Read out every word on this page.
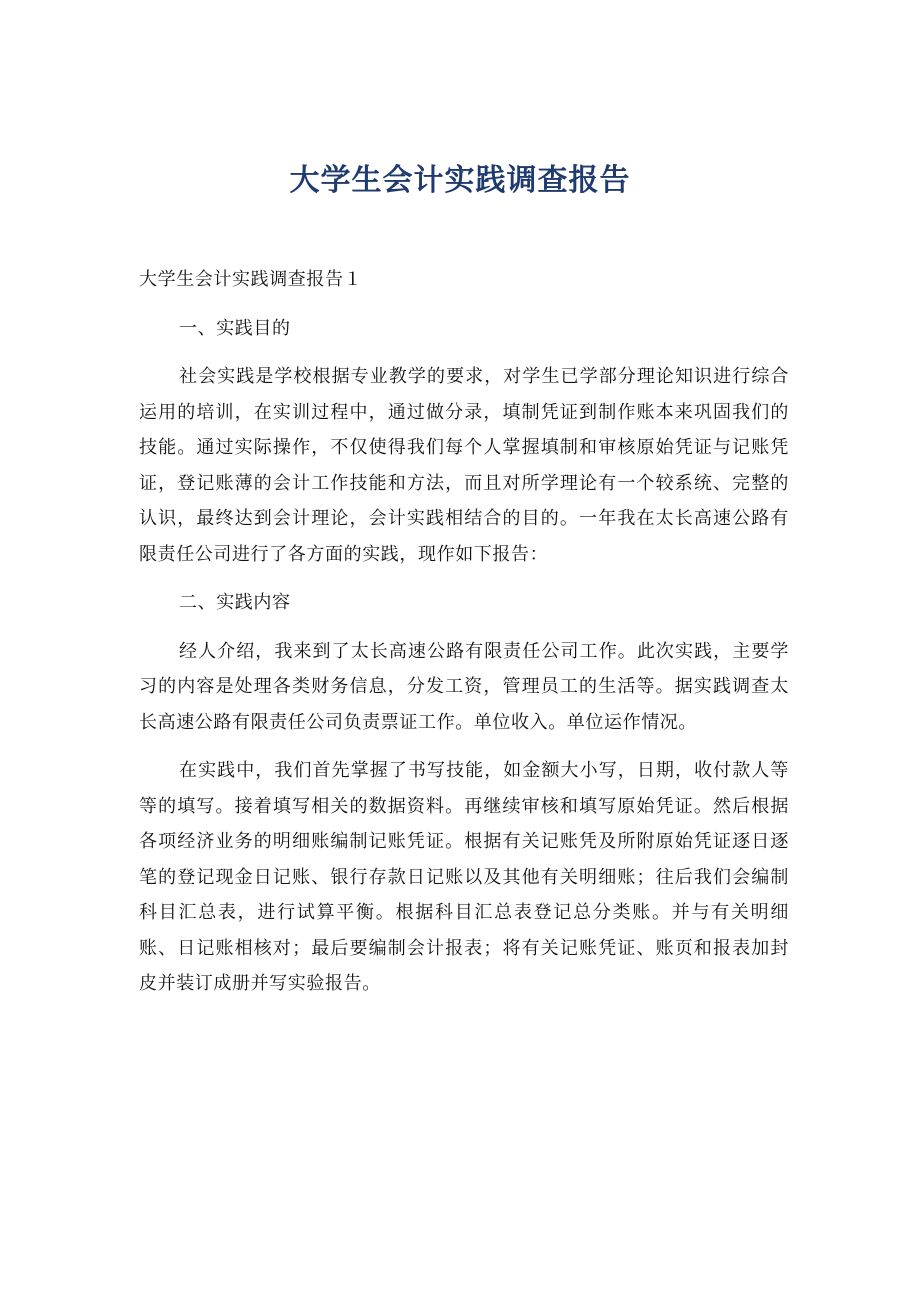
大学生会计实践调查报告

大学生会计实践调查报告１

一、实践目的

社会实践是学校根据专业教学的要求，对学生已学部分理论知识进行综合运用的培训，在实训过程中，通过做分录，填制凭证到制作账本来巩固我们的技能。通过实际操作，不仅使得我们每个人掌握填制和审核原始凭证与记账凭证，登记账薄的会计工作技能和方法，而且对所学理论有一个较系统、完整的认识，最终达到会计理论，会计实践相结合的目的。一年我在太长高速公路有限责任公司进行了各方面的实践，现作如下报告：

二、实践内容

经人介绍，我来到了太长高速公路有限责任公司工作。此次实践，主要学习的内容是处理各类财务信息，分发工资，管理员工的生活等。据实践调查太长高速公路有限责任公司负责票证工作。单位收入。单位运作情况。

在实践中，我们首先掌握了书写技能，如金额大小写，日期，收付款人等等的填写。接着填写相关的数据资料。再继续审核和填写原始凭证。然后根据各项经济业务的明细账编制记账凭证。根据有关记账凭及所附原始凭证逐日逐笔的登记现金日记账、银行存款日记账以及其他有关明细账；往后我们会编制科目汇总表，进行试算平衡。根据科目汇总表登记总分类账。并与有关明细账、日记账相核对；最后要编制会计报表；将有关记账凭证、账页和报表加封皮并装订成册并写实验报告。
